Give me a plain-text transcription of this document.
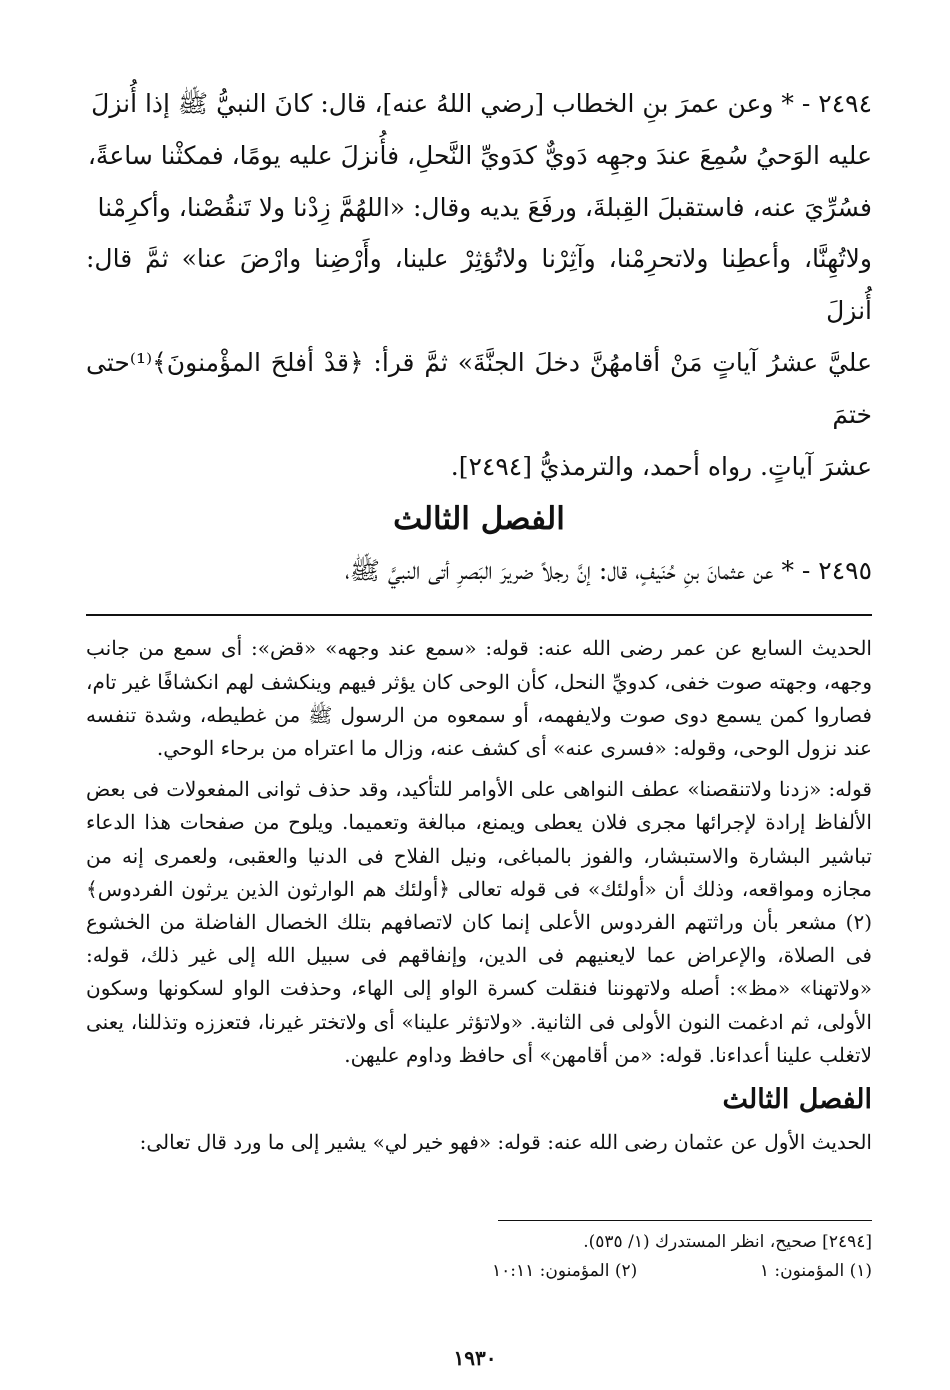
٢٤٩٤ - * وعن عمرَ بنِ الخطاب [رضي اللهُ عنه]، قال: كانَ النبيُّ ﷺ إذا أُنزلَ

عليه الوَحيُ سُمِعَ عندَ وجهِه دَويٌّ كدَويِّ النَّحلِ، فأُنزلَ عليه يومًا، فمكثْنا ساعةً،

فسُرِّيَ عنه، فاستقبلَ القِبلةَ، ورفَعَ يديه وقال: «اللهُمَّ زِدْنا ولا تَنقُصْنا، وأكرِمْنا

ولاتُهِنَّا، وأعطِنا ولاتحرِمْنا، وآثِرْنا ولاتُؤثِرْ علينا، وأَرْضِنا وارْضَ عنا» ثمَّ قال: أُنزلَ

عليَّ عشرُ آياتٍ مَنْ أقامهُنَّ دخلَ الجنَّةَ» ثمَّ قرأ: ﴿قدْ أفلحَ المؤْمنونَ﴾⁽¹⁾حتى ختمَ

عشرَ آياتٍ. رواه أحمد، والترمذيُّ [٢٤٩٤].

الفصل الثالث

٢٤٩٥ - * عن عثمانَ بنِ حُنَيفٍ، قال: إنَّ رجلاً ضريرَ البَصرِ أتى النبيَّ ﷺ،

الحديث السابع عن عمر رضى الله عنه: قوله: «سمع عند وجهه» «قض»: أى سمع من جانب وجهه، وجهته صوت خفى، كدويِّ النحل، كأن الوحى كان يؤثر فيهم وينكشف لهم انكشافًا غير تام، فصاروا كمن يسمع دوى صوت ولايفهمه، أو سمعوه من الرسول ﷺ من غطيطه، وشدة تنفسه عند نزول الوحى، وقوله: «فسرى عنه» أى كشف عنه، وزال ما اعتراه من برحاء الوحي.

قوله: «زدنا ولاتنقصنا» عطف النواهى على الأوامر للتأكيد، وقد حذف ثوانى المفعولات فى بعض الألفاظ إرادة لإجرائها مجرى فلان يعطى ويمنع، مبالغة وتعميما. ويلوح من صفحات هذا الدعاء تباشير البشارة والاستبشار، والفوز بالمباغى، ونيل الفلاح فى الدنيا والعقبى، ولعمرى إنه من مجازه ومواقعه، وذلك أن «أولئك» فى قوله تعالى ﴿أولئك هم الوارثون الذين يرثون الفردوس﴾ (٢) مشعر بأن وراثتهم الفردوس الأعلى إنما كان لاتصافهم بتلك الخصال الفاضلة من الخشوع فى الصلاة، والإعراض عما لايعنيهم فى الدين، وإنفاقهم فى سبيل الله إلى غير ذلك، قوله: «ولاتهنا» «مظ»: أصله ولاتهوننا فنقلت كسرة الواو إلى الهاء، وحذفت الواو لسكونها وسكون الأولى، ثم ادغمت النون الأولى فى الثانية. «ولاتؤثر علينا» أى ولاتختر غيرنا، فتعززه وتذللنا، يعنى لاتغلب علينا أعداءنا. قوله: «من أقامهن» أى حافظ وداوم عليهن.

الفصل الثالث

الحديث الأول عن عثمان رضى الله عنه: قوله: «فهو خير لي» يشير إلى ما ورد قال تعالى:

[٢٤٩٤] صحيح، انظر المستدرك (١/ ٥٣٥).

(١) المؤمنون: ١
(٢) المؤمنون: ١٠:١١
١٩٣٠
